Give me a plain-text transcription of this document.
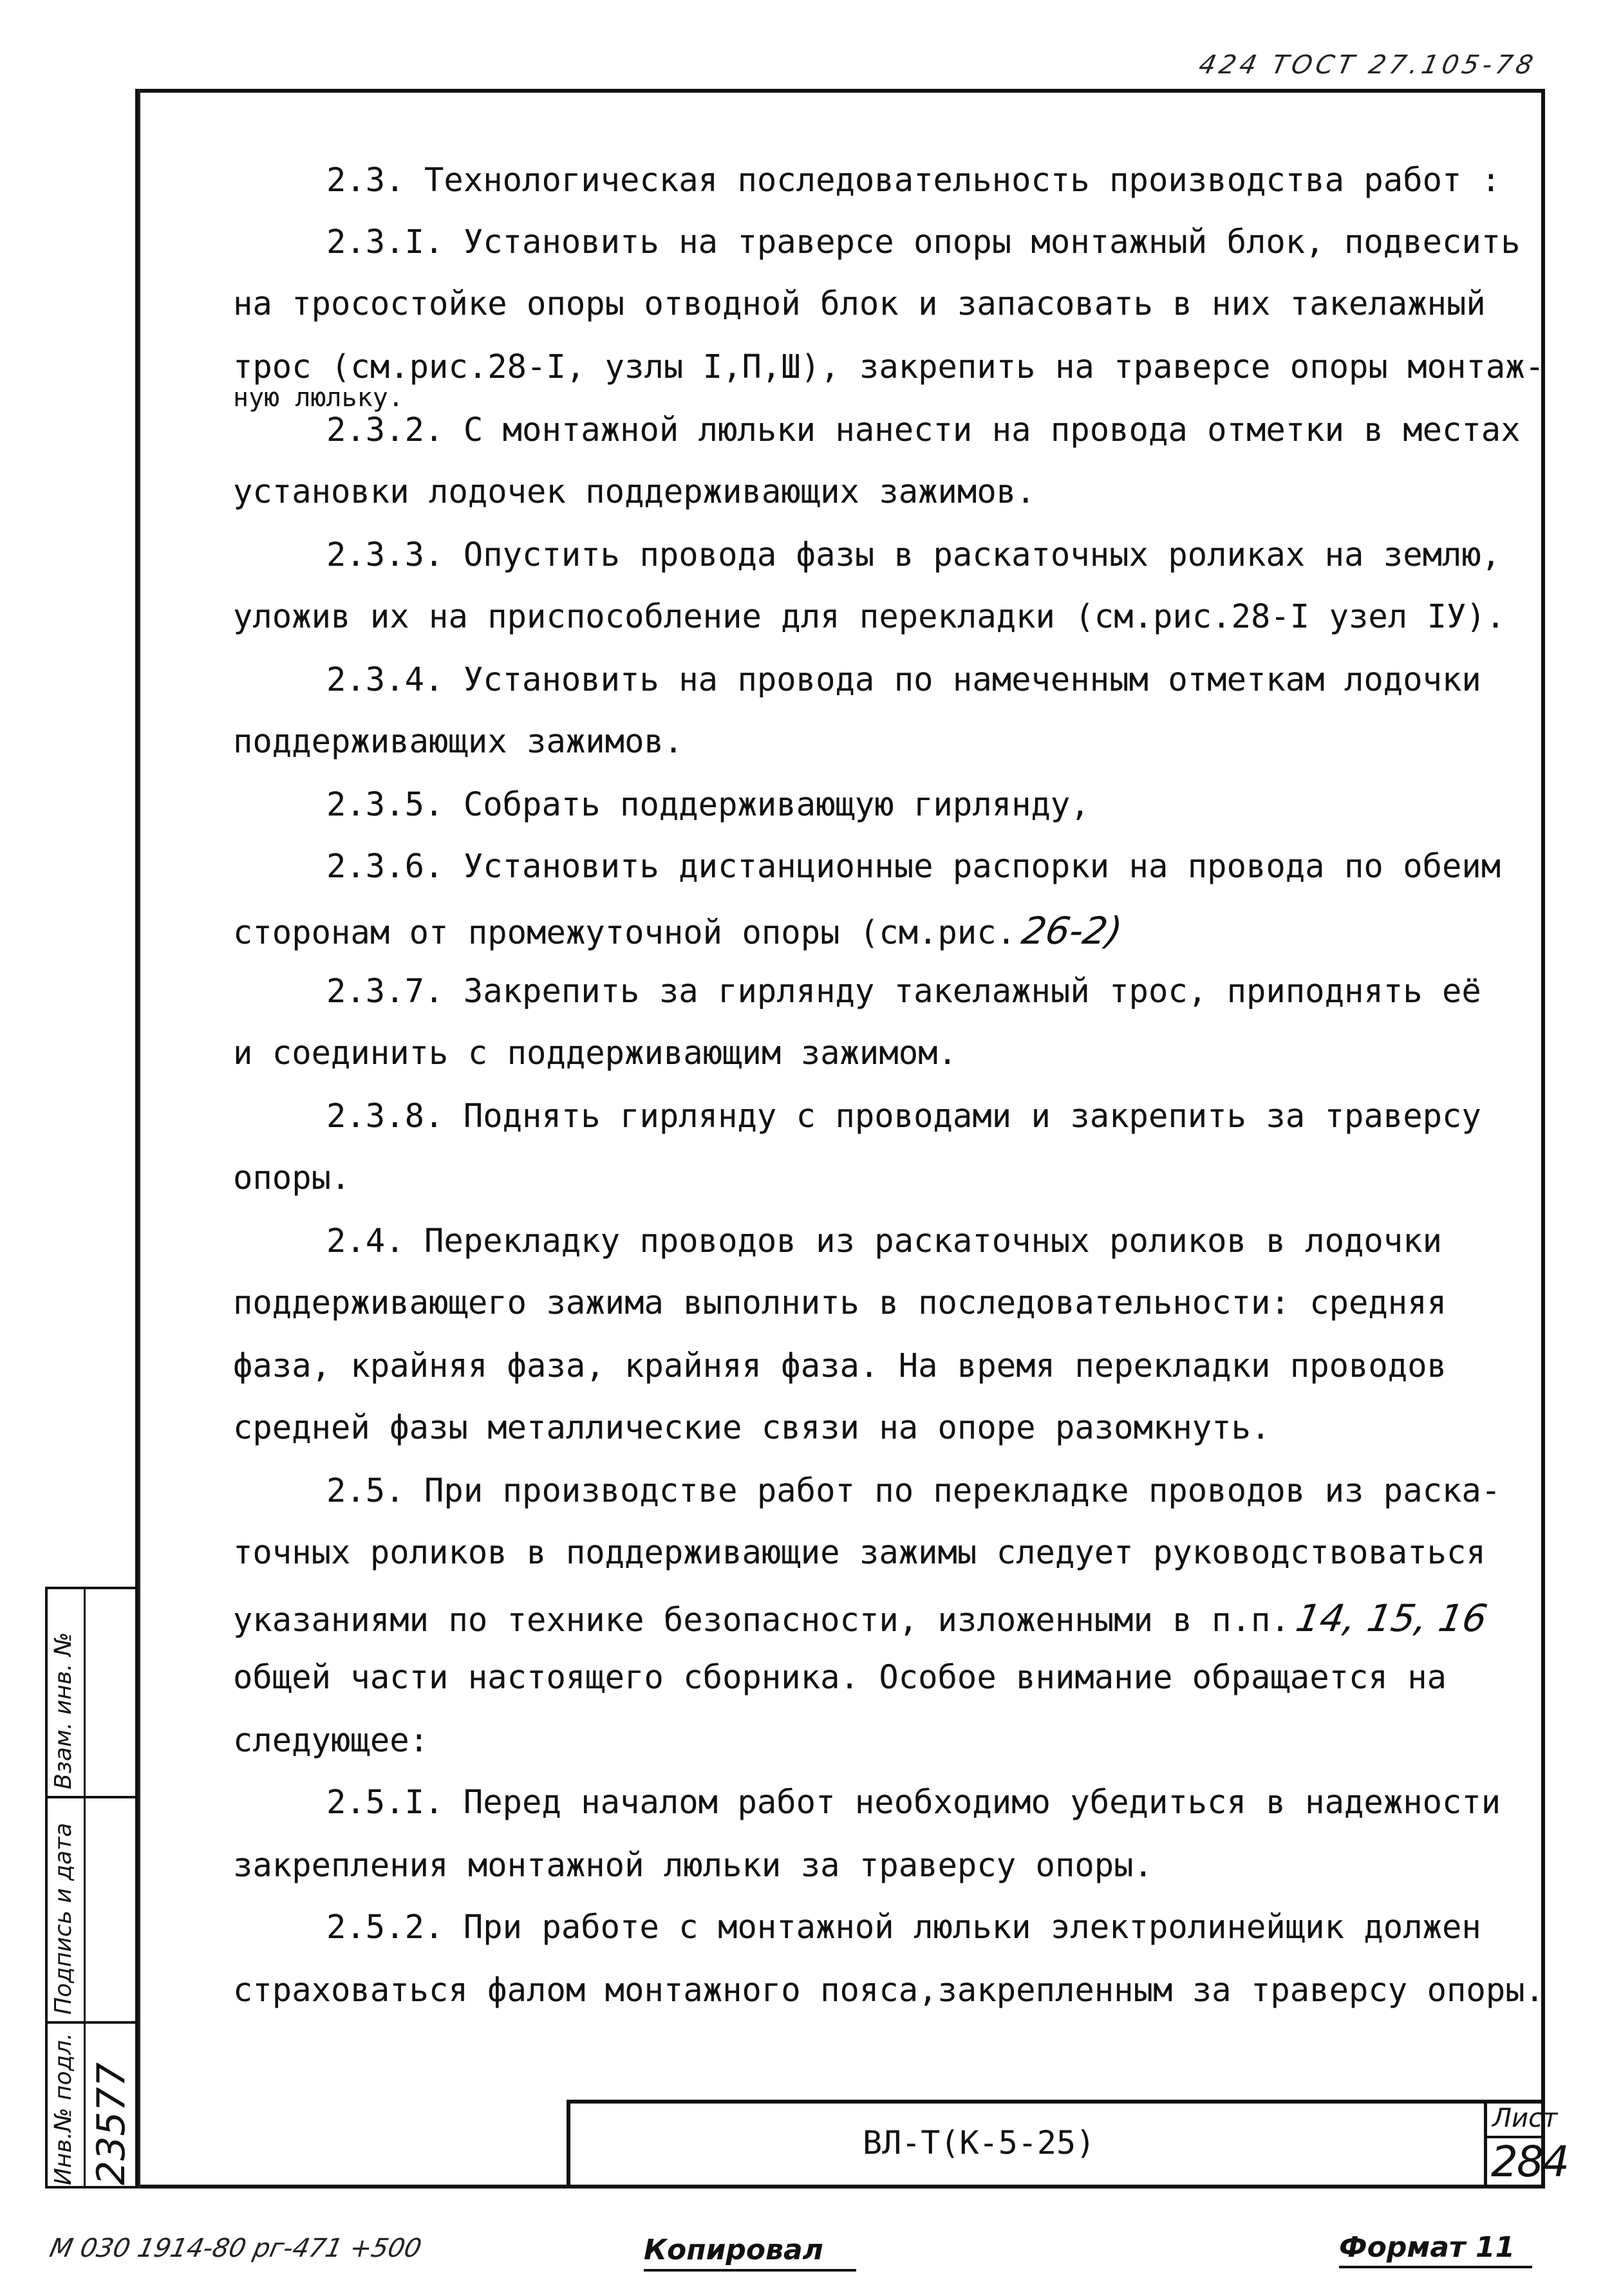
424 ТОСТ 27.105-78
2.3. Технологическая последовательность производства работ :
2.3.I. Установить на траверсе опоры монтажный блок, подвесить
на тросостойке опоры отводной блок и запасовать в них такелажный
трос (см.рис.28-I, узлы I,П,Ш), закрепить на траверсе опоры монтаж-
ную люльку.
2.3.2. С монтажной люльки нанести на провода отметки в местах
установки лодочек поддерживающих зажимов.
2.3.3. Опустить провода фазы в раскаточных роликах на землю,
уложив их на приспособление для перекладки (см.рис.28-I узел IУ).
2.3.4. Установить на провода по намеченным отметкам лодочки
поддерживающих зажимов.
2.3.5. Собрать поддерживающую гирлянду,
2.3.6. Установить дистанционные распорки на провода по обеим
сторонам от промежуточной опоры (см.рис.26-2)
2.3.7. Закрепить за гирлянду такелажный трос, приподнять её
и соединить с поддерживающим зажимом.
2.3.8. Поднять гирлянду с проводами и закрепить за траверсу
опоры.
2.4. Перекладку проводов из раскаточных роликов в лодочки
поддерживающего зажима выполнить в последовательности: средняя
фаза, крайняя фаза, крайняя фаза. На время перекладки проводов
средней фазы металлические связи на опоре разомкнуть.
2.5. При производстве работ по перекладке проводов из раска-
точных роликов в поддерживающие зажимы следует руководствоваться
указаниями по технике безопасности, изложенными в п.п.14, 15, 16
общей части настоящего сборника. Особое внимание обращается на
следующее:
2.5.I. Перед началом работ необходимо убедиться в надежности
закрепления монтажной люльки за траверсу опоры.
2.5.2. При работе с монтажной люльки электролинейщик должен
страховаться фалом монтажного пояса,закрепленным за траверсу опоры.
ВЛ-Т(К-5-25)
Лист
284
Инв.№ подл. 23577
Подпись и дата
Взам. инв. №
М 030 1914-80 рг-471 +500	Копировал	Формат 11
